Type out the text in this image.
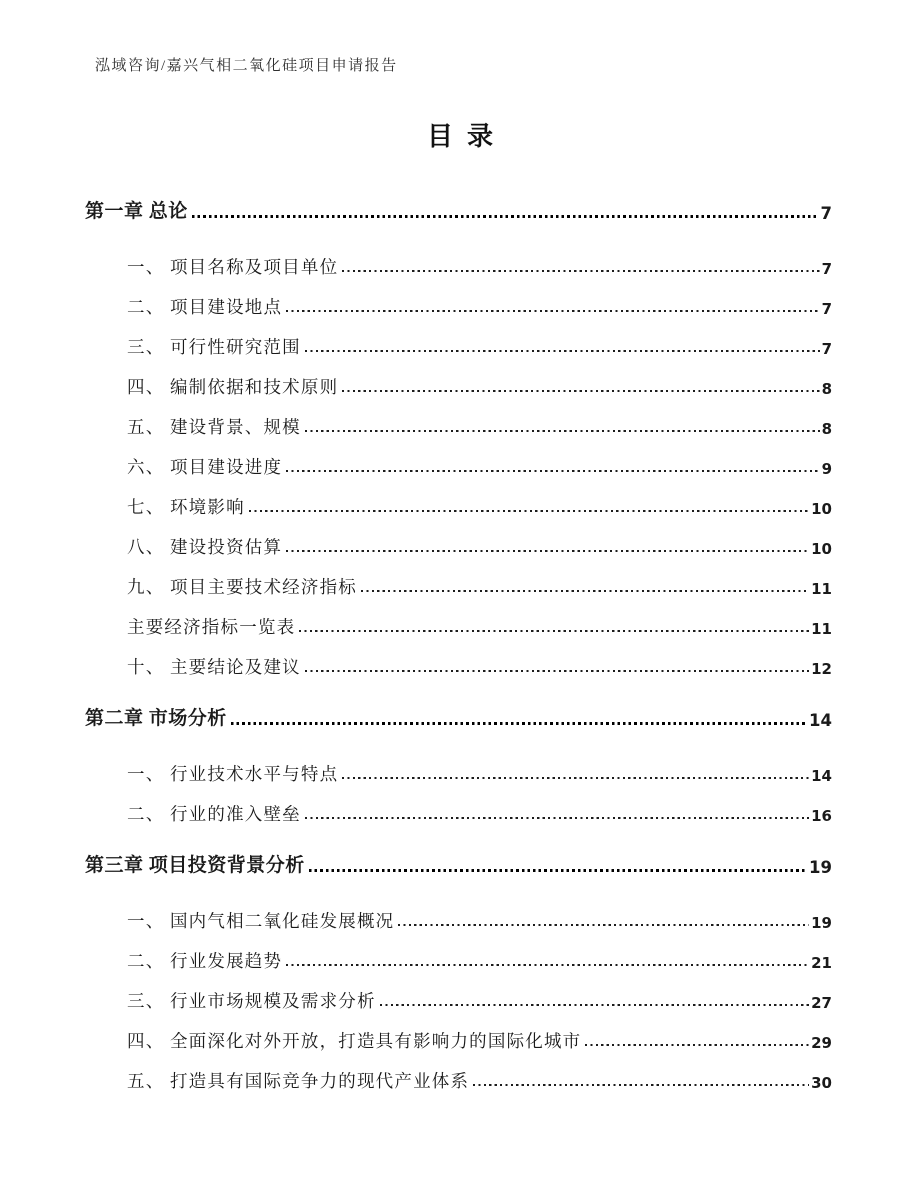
泓域咨询/嘉兴气相二氧化硅项目申请报告
目录
第一章 总论	7
一、 项目名称及项目单位	7
二、 项目建设地点	7
三、 可行性研究范围	7
四、 编制依据和技术原则	8
五、 建设背景、规模	8
六、 项目建设进度	9
七、 环境影响	10
八、 建设投资估算	10
九、 项目主要技术经济指标	11
主要经济指标一览表	11
十、 主要结论及建议	12
第二章 市场分析	14
一、 行业技术水平与特点	14
二、 行业的准入壁垒	16
第三章 项目投资背景分析	19
一、 国内气相二氧化硅发展概况	19
二、 行业发展趋势	21
三、 行业市场规模及需求分析	27
四、 全面深化对外开放，打造具有影响力的国际化城市	29
五、 打造具有国际竞争力的现代产业体系	30
